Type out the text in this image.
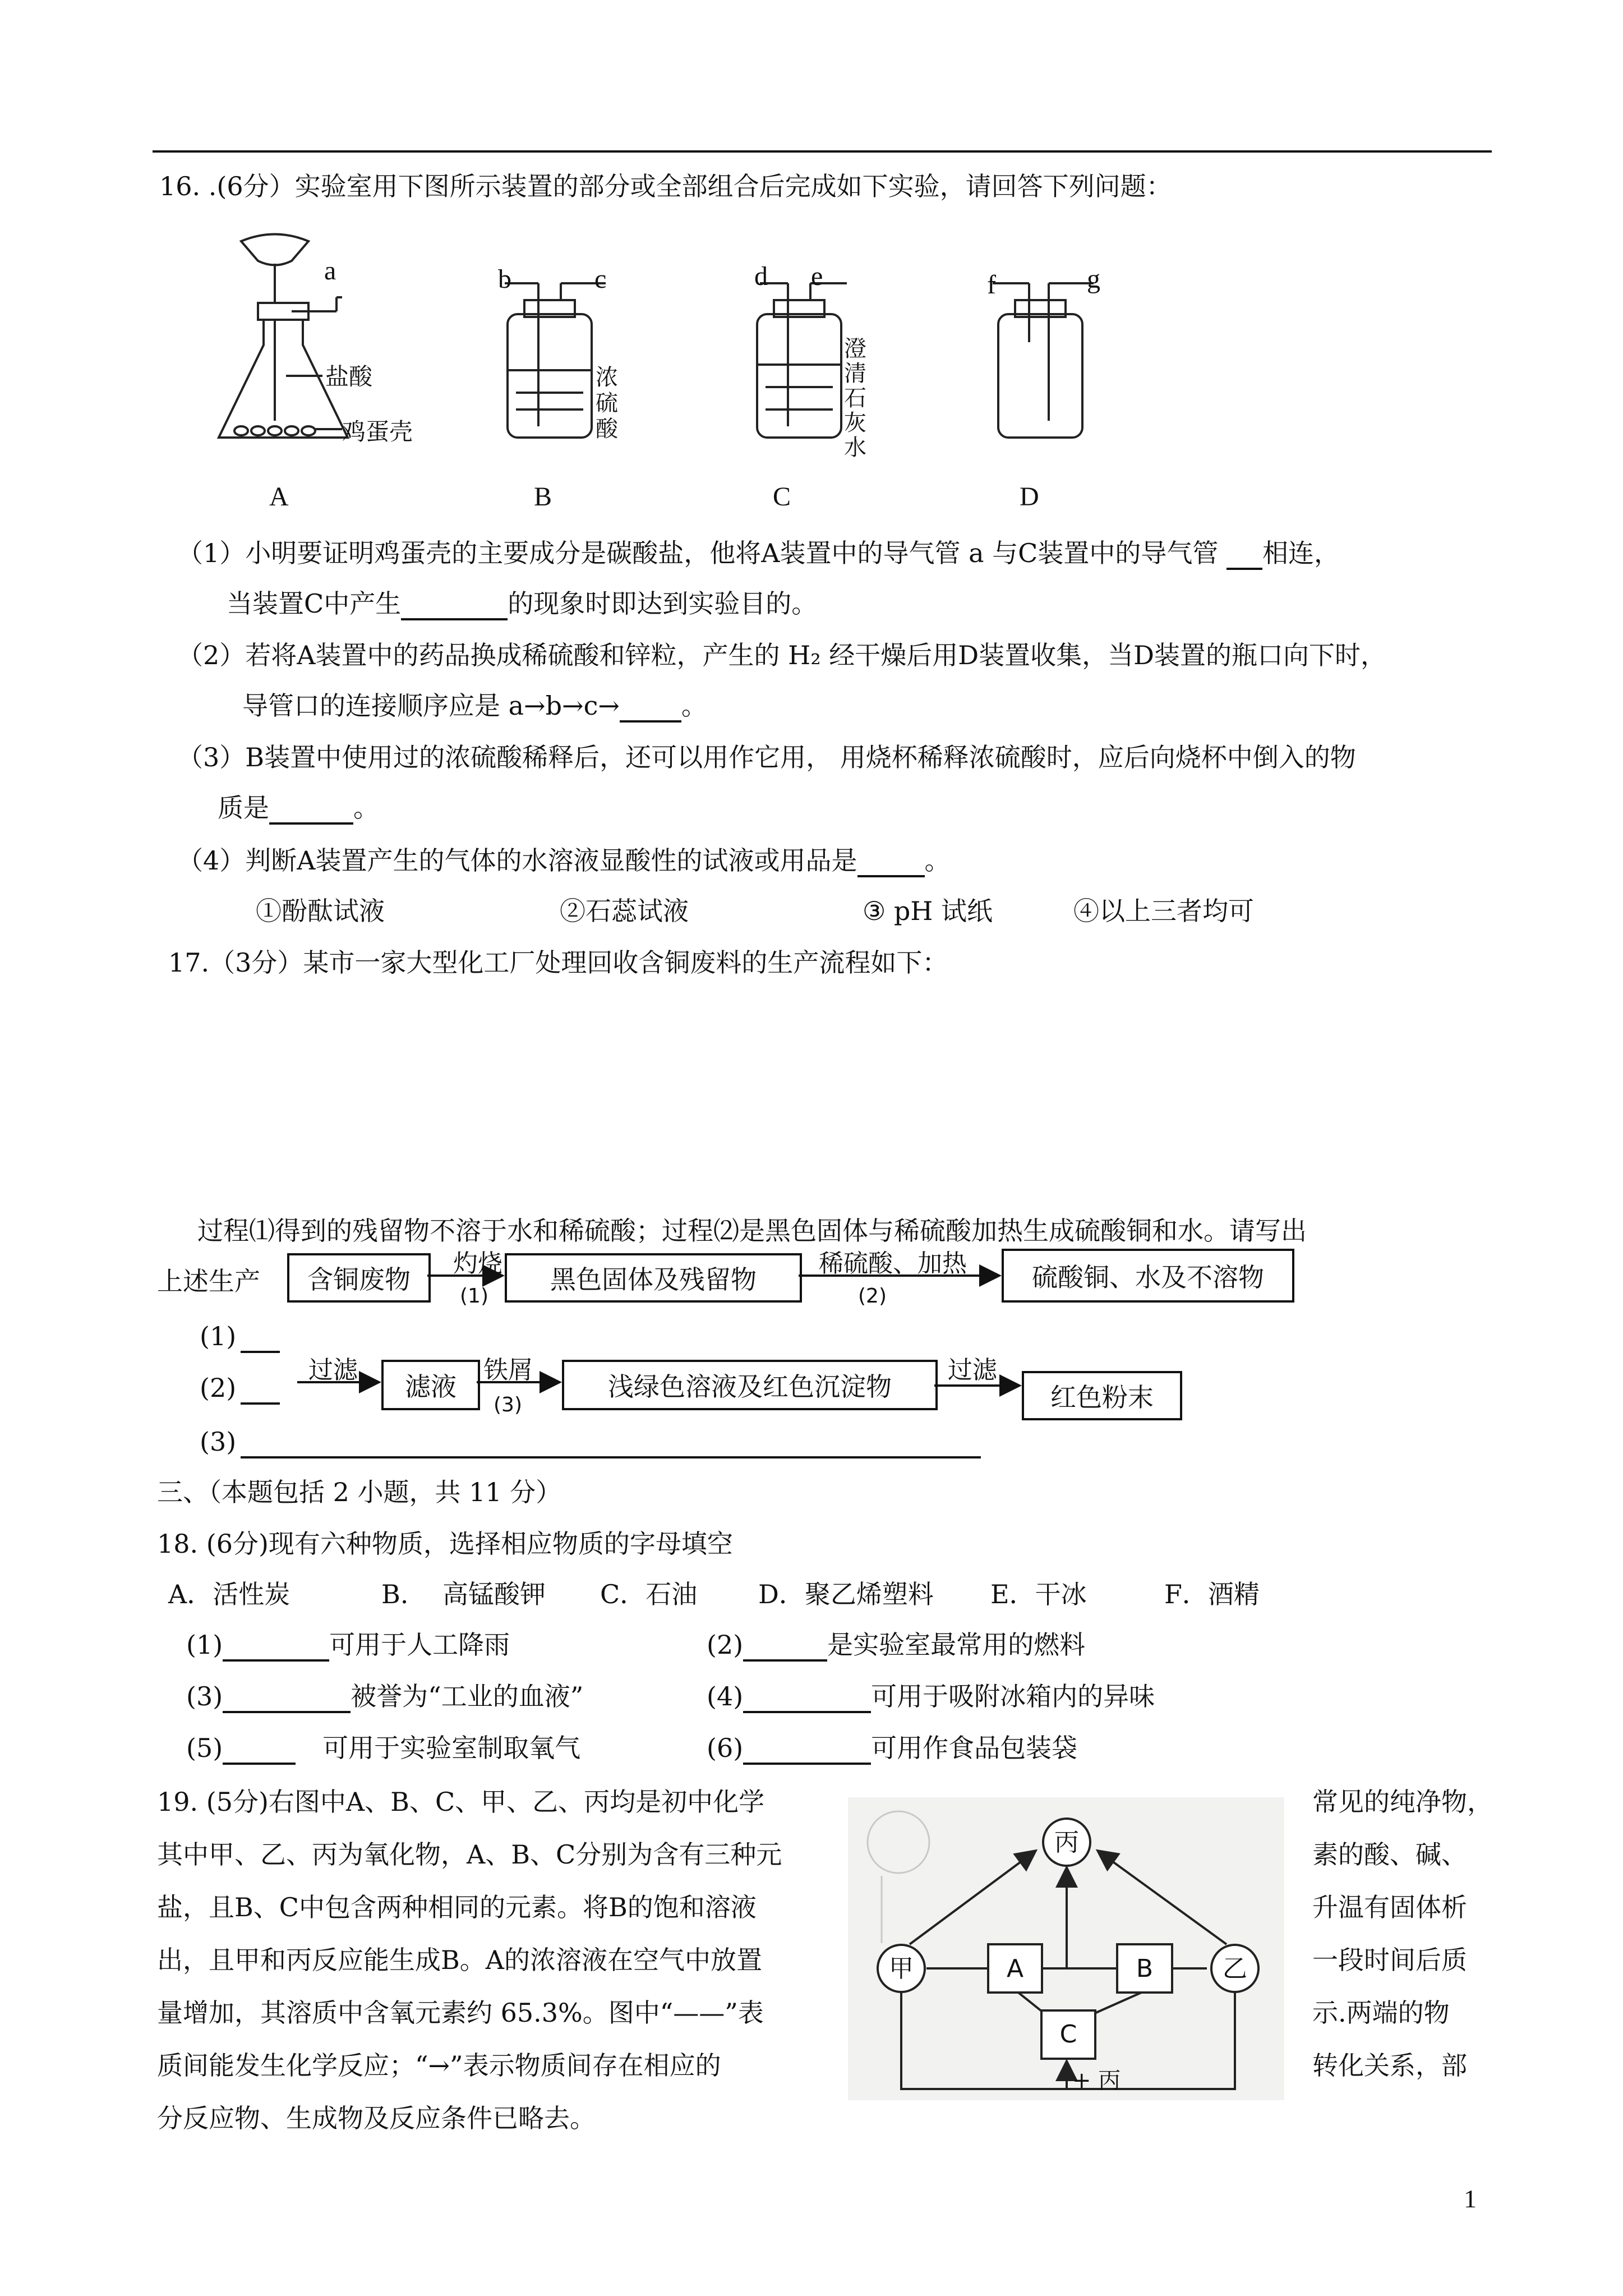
16. .(6分）实验室用下图所示装置的部分或全部组合后完成如下实验，请回答下列问题：
a
盐酸
鸡蛋壳
A
b	c
浓
硫
酸
B
d e
澄
清
石
灰
水
C
f	g
D
（1）小明要证明鸡蛋壳的主要成分是碳酸盐，他将A装置中的导气管 a 与C装置中的导气管 相连，
当装置C中产生	的现象时即达到实验目的。
（2）若将A装置中的药品换成稀硫酸和锌粒，产生的 H₂ 经干燥后用D装置收集，当D装置的瓶口向下时，
导管口的连接顺序应是 a→b→c→ 。
（3）B装置中使用过的浓硫酸稀释后，还可以用作它用， 用烧杯稀释浓硫酸时，应后向烧杯中倒入的物
质是	。
（4）判断A装置产生的气体的水溶液显酸性的试液或用品是	。
①酚酞试液	②石蕊试液	③ pH 试纸	④以上三者均可
17.（3分）某市一家大型化工厂处理回收含铜废料的生产流程如下：
过程⑴得到的残留物不溶于水和稀硫酸；过程⑵是黑色固体与稀硫酸加热生成硫酸铜和水。请写出
上述生产	含铜废物
灼烧
(1)
黑色固体及残留物
稀硫酸、加热
(2)
硫酸铜、水及不溶物
过滤
滤液
铁屑
(3)
浅绿色溶液及红色沉淀物
过滤
红色粉末
(1)
(2)
(3)
三、（本题包括 2 小题，共 11 分）
18. (6分)现有六种物质，选择相应物质的字母填空
A．活性炭	B.　 高锰酸钾 C．石油 D．聚乙烯塑料 E．干冰	F．酒精
(1)	可用于人工降雨	(2)	是实验室最常用的燃料
(3)	被誉为“工业的血液”	(4)	可用于吸附冰箱内的异味
(5)	可用于实验室制取氧气	(6)	可用作食品包装袋
19. (5分)右图中A、B、C、甲、乙、丙均是初中化学	常见的纯净物，
其中甲、乙、丙为氧化物，A、B、C分别为含有三种元	素的酸、碱、
盐，且B、C中包含两种相同的元素。将B的饱和溶液	升温有固体析
出，且甲和丙反应能生成B。A的浓溶液在空气中放置	一段时间后质
量增加，其溶质中含氧元素约 65.3%。图中“——”表	示.两端的物
质间能发生化学反应；“→”表示物质间存在相应的	转化关系，部
分反应物、生成物及反应条件已略去。
丙
甲	乙
A	B
C
+ 丙
1
